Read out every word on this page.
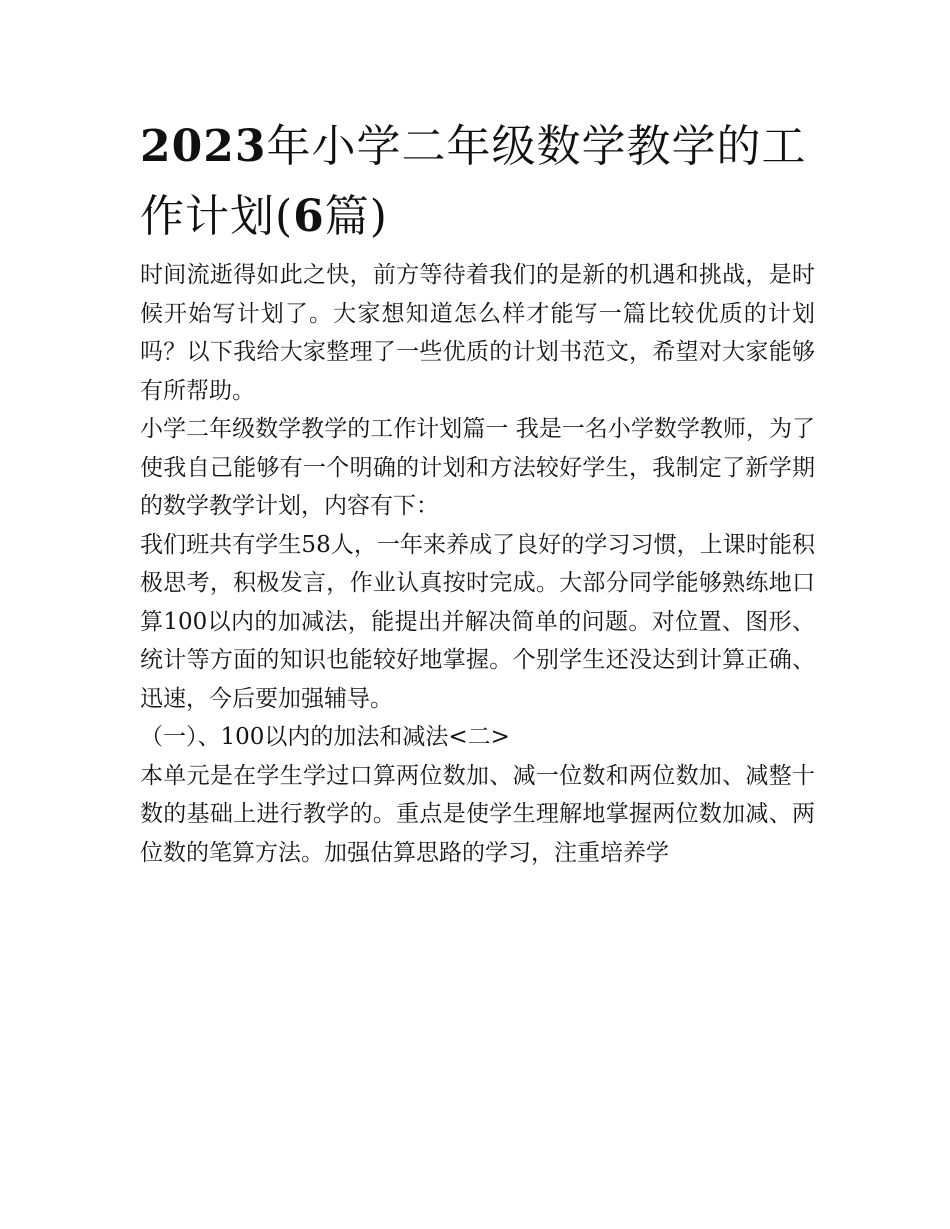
2023年小学二年级数学教学的工作计划(6篇)

时间流逝得如此之快，前方等待着我们的是新的机遇和挑战，是时候开始写计划了。大家想知道怎么样才能写一篇比较优质的计划吗？以下我给大家整理了一些优质的计划书范文，希望对大家能够有所帮助。

小学二年级数学教学的工作计划篇一 我是一名小学数学教师，为了使我自己能够有一个明确的计划和方法较好学生，我制定了新学期的数学教学计划，内容有下：

我们班共有学生58人，一年来养成了良好的学习习惯，上课时能积极思考，积极发言，作业认真按时完成。大部分同学能够熟练地口算100以内的加减法，能提出并解决简单的问题。对位置、图形、统计等方面的知识也能较好地掌握。个别学生还没达到计算正确、迅速，今后要加强辅导。

（一）、100以内的加法和减法<二>

本单元是在学生学过口算两位数加、减一位数和两位数加、减整十数的基础上进行教学的。重点是使学生理解地掌握两位数加减、两位数的笔算方法。加强估算思路的学习，注重培养学
